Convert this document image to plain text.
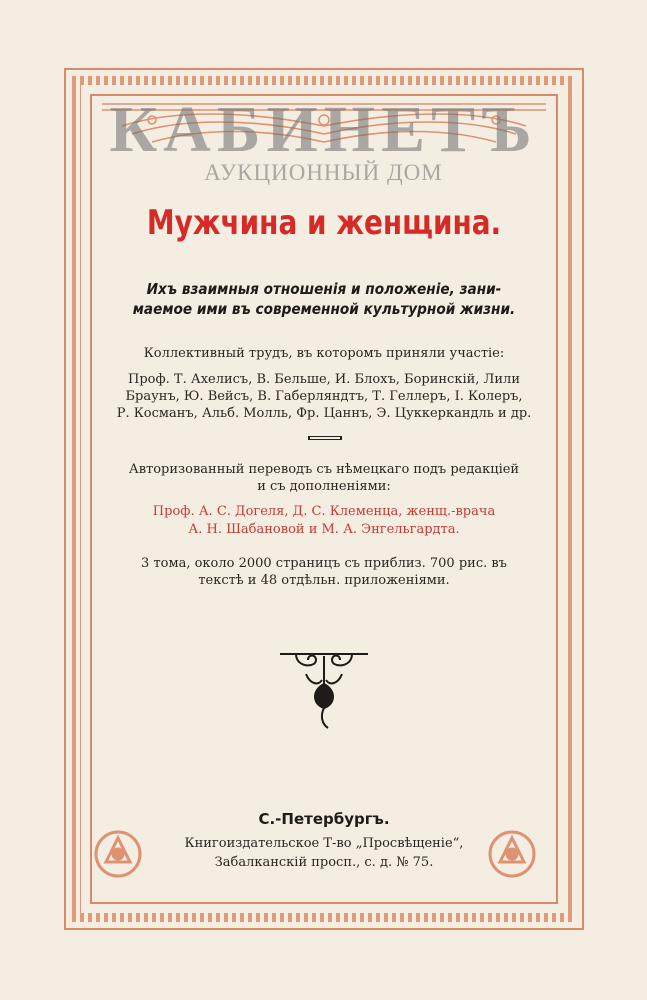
КАБИНЕТЪ
АУКЦИОННЫЙ ДОМ
Мужчина и женщина.
Ихъ взаимныя отношенія и положеніе, зани-
маемое ими въ современной культурной жизни.
Коллективный трудъ, въ которомъ приняли участіе:
Проф. Т. Ахелисъ, В. Бельше, И. Блохъ, Боринскій, Лили
Браунъ, Ю. Вейсъ, В. Габерляндтъ, Т. Геллеръ, І. Колеръ,
Р. Косманъ, Альб. Молль, Фр. Цаннъ, Э. Цуккеркандль и др.
Авторизованный переводъ съ нѣмецкаго подъ редакціей
и съ дополненіями:
Проф. А. С. Догеля, Д. С. Клеменца, женщ.-врача
А. Н. Шабановой и М. А. Энгельгардта.
3 тома, около 2000 страницъ съ приблиз. 700 рис. въ
текстѣ и 48 отдѣльн. приложеніями.
С.-Петербургъ.
Книгоиздательское Т-во „Просвѣщеніе“,
Забалканскій просп., с. д. № 75.
